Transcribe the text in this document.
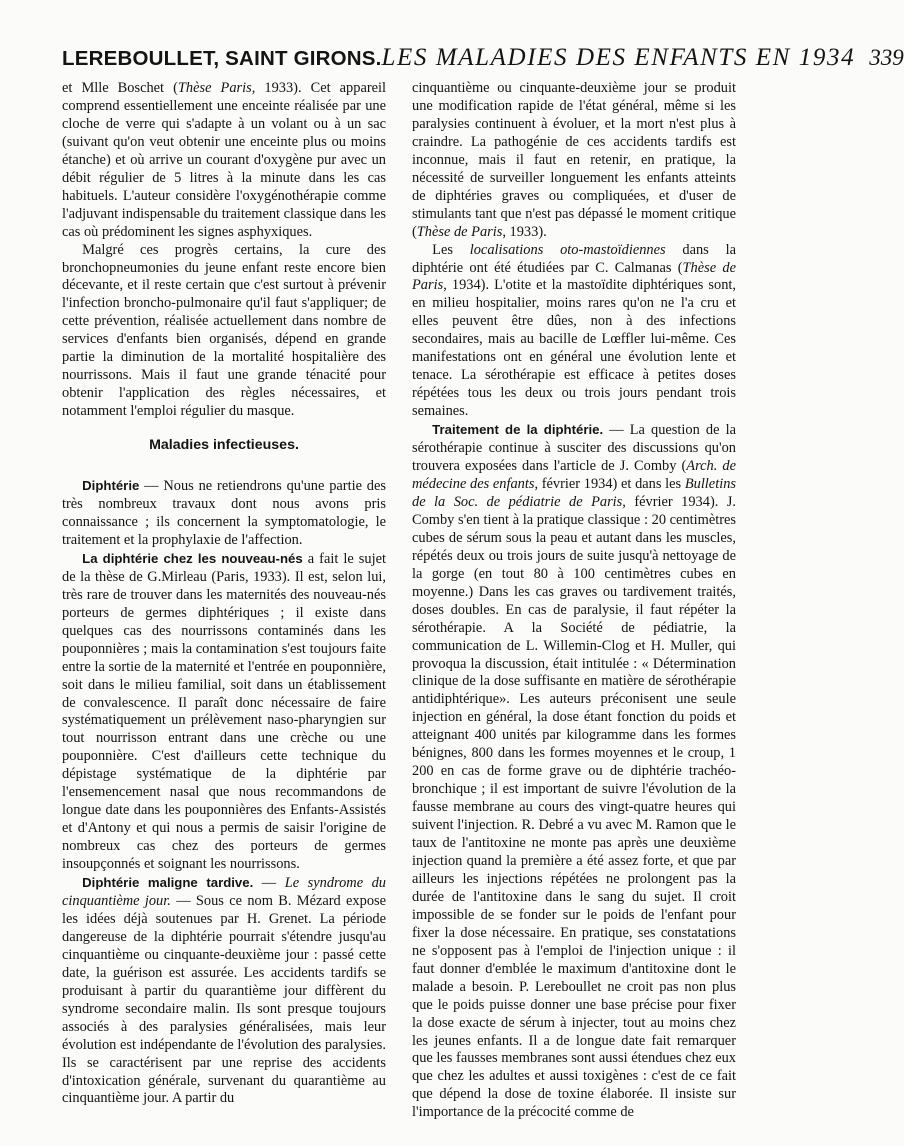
LEREBOULLET, SAINT GIRONS.LES MALADIES DES ENFANTS EN 1934 339

et Mlle Boschet (Thèse Paris, 1933). Cet appareil comprend essentiellement une enceinte réalisée par une cloche de verre qui s'adapte à un volant ou à un sac (suivant qu'on veut obtenir une enceinte plus ou moins étanche) et où arrive un courant d'oxygène pur avec un débit régulier de 5 litres à la minute dans les cas habituels. L'auteur considère l'oxygénothérapie comme l'adjuvant indispensable du traitement classique dans les cas où prédominent les signes asphyxiques.

Malgré ces progrès certains, la cure des bronchopneumonies du jeune enfant reste encore bien décevante, et il reste certain que c'est surtout à prévenir l'infection broncho-pulmonaire qu'il faut s'appliquer; de cette prévention, réalisée actuellement dans nombre de services d'enfants bien organisés, dépend en grande partie la diminution de la mortalité hospitalière des nourrissons. Mais il faut une grande ténacité pour obtenir l'application des règles nécessaires, et notamment l'emploi régulier du masque.

Maladies infectieuses.

Diphtérie — Nous ne retiendrons qu'une partie des très nombreux travaux dont nous avons pris connaissance ; ils concernent la symptomatologie, le traitement et la prophylaxie de l'affection.

La diphtérie chez les nouveau-nés a fait le sujet de la thèse de G.Mirleau (Paris, 1933). Il est, selon lui, très rare de trouver dans les maternités des nouveau-nés porteurs de germes diphtériques ; il existe dans quelques cas des nourrissons contaminés dans les pouponnières ; mais la contamination s'est toujours faite entre la sortie de la maternité et l'entrée en pouponnière, soit dans le milieu familial, soit dans un établissement de convalescence. Il paraît donc nécessaire de faire systématiquement un prélèvement naso-pharyngien sur tout nourrisson entrant dans une crèche ou une pouponnière. C'est d'ailleurs cette technique du dépistage systématique de la diphtérie par l'ensemencement nasal que nous recommandons de longue date dans les pouponnières des Enfants-Assistés et d'Antony et qui nous a permis de saisir l'origine de nombreux cas chez des porteurs de germes insoupçonnés et soignant les nourrissons.

Diphtérie maligne tardive. — Le syndrome du cinquantième jour. — Sous ce nom B. Mézard expose les idées déjà soutenues par H. Grenet. La période dangereuse de la diphtérie pourrait s'étendre jusqu'au cinquantième ou cinquante-deuxième jour : passé cette date, la guérison est assurée. Les accidents tardifs se produisant à partir du quarantième jour diffèrent du syndrome secondaire malin. Ils sont presque toujours associés à des paralysies généralisées, mais leur évolution est indépendante de l'évolution des paralysies. Ils se caractérisent par une reprise des accidents d'intoxication générale, survenant du quarantième au cinquantième jour. A partir du

cinquantième ou cinquante-deuxième jour se produit une modification rapide de l'état général, même si les paralysies continuent à évoluer, et la mort n'est plus à craindre. La pathogénie de ces accidents tardifs est inconnue, mais il faut en retenir, en pratique, la nécessité de surveiller longuement les enfants atteints de diphtéries graves ou compliquées, et d'user de stimulants tant que n'est pas dépassé le moment critique (Thèse de Paris, 1933).

Les localisations oto-mastoïdiennes dans la diphtérie ont été étudiées par C. Calmanas (Thèse de Paris, 1934). L'otite et la mastoïdite diphtériques sont, en milieu hospitalier, moins rares qu'on ne l'a cru et elles peuvent être dûes, non à des infections secondaires, mais au bacille de Lœffler lui-même. Ces manifestations ont en général une évolution lente et tenace. La sérothérapie est efficace à petites doses répétées tous les deux ou trois jours pendant trois semaines.

Traitement de la diphtérie. — La question de la sérothérapie continue à susciter des discussions qu'on trouvera exposées dans l'article de J. Comby (Arch. de médecine des enfants, février 1934) et dans les Bulletins de la Soc. de pédiatrie de Paris, février 1934). J. Comby s'en tient à la pratique classique : 20 centimètres cubes de sérum sous la peau et autant dans les muscles, répétés deux ou trois jours de suite jusqu'à nettoyage de la gorge (en tout 80 à 100 centimètres cubes en moyenne.) Dans les cas graves ou tardivement traités, doses doubles. En cas de paralysie, il faut répéter la sérothérapie. A la Société de pédiatrie, la communication de L. Willemin-Clog et H. Muller, qui provoqua la discussion, était intitulée : « Détermination clinique de la dose suffisante en matière de sérothérapie antidiphtérique». Les auteurs préconisent une seule injection en général, la dose étant fonction du poids et atteignant 400 unités par kilogramme dans les formes bénignes, 800 dans les formes moyennes et le croup, 1 200 en cas de forme grave ou de diphtérie trachéo-bronchique ; il est important de suivre l'évolution de la fausse membrane au cours des vingt-quatre heures qui suivent l'injection. R. Debré a vu avec M. Ramon que le taux de l'antitoxine ne monte pas après une deuxième injection quand la première a été assez forte, et que par ailleurs les injections répétées ne prolongent pas la durée de l'antitoxine dans le sang du sujet. Il croit impossible de se fonder sur le poids de l'enfant pour fixer la dose nécessaire. En pratique, ses constatations ne s'opposent pas à l'emploi de l'injection unique : il faut donner d'emblée le maximum d'antitoxine dont le malade a besoin. P. Lereboullet ne croit pas non plus que le poids puisse donner une base précise pour fixer la dose exacte de sérum à injecter, tout au moins chez les jeunes enfants. Il a de longue date fait remarquer que les fausses membranes sont aussi étendues chez eux que chez les adultes et aussi toxigènes : c'est de ce fait que dépend la dose de toxine élaborée. Il insiste sur l'importance de la précocité comme de
